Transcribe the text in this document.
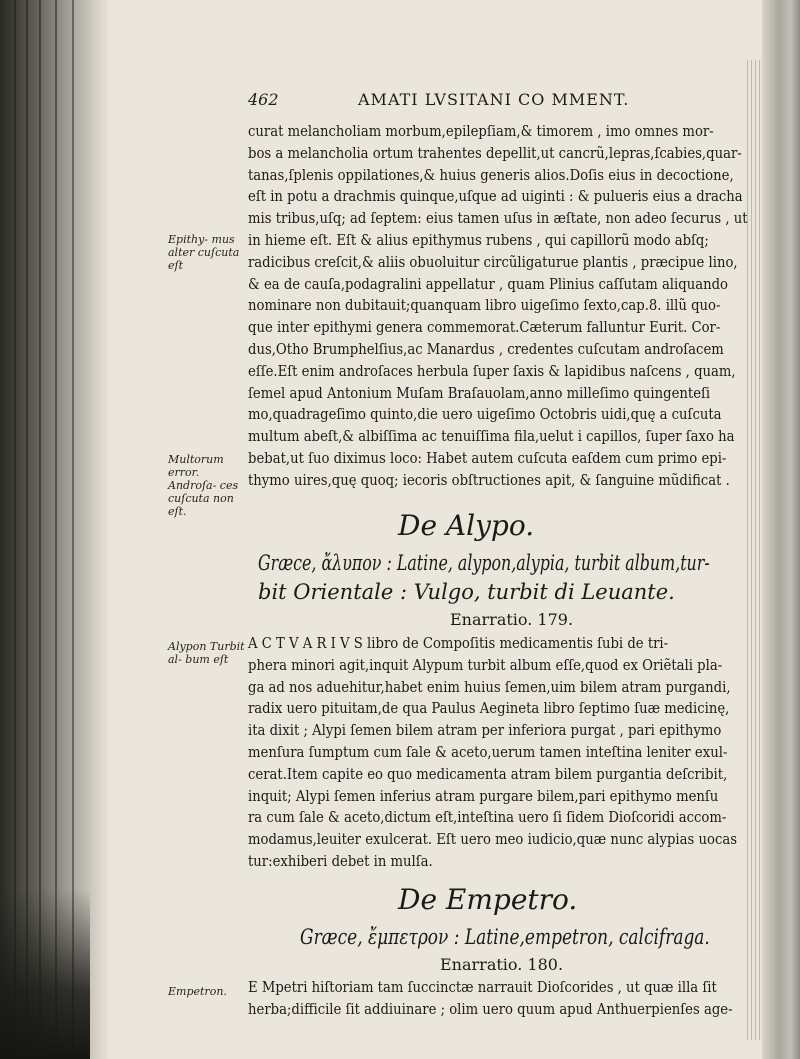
462	AMATI LVSITANI CO MMENT.
curat melancholiam morbum,epilepſiam,& timorem , imo omnes mor-
bos a melancholia ortum trahentes depellit,ut cancrũ,lepras,ſcabies,quar-
tanas,ſplenis oppilationes,& huius generis alios.Doſis eius in decoctione,
eſt in potu a drachmis quinque,uſque ad uiginti : & pulueris eius a dracha
mis tribus,uſq; ad ſeptem: eius tamen uſus in æſtate, non adeo ſecurus , ut
in hieme eſt. Eſt & alius epithymus rubens , qui capillorũ modo abſq;
radicibus creſcit,& aliis obuoluitur circũligaturue plantis , præcipue lino,
& ea de cauſa,podagralini appellatur , quam Plinius caſſutam aliquando
nominare non dubitauit;quanquam libro uigeſimo ſexto,cap.8. illũ quo-
que inter epithymi genera commemorat.Cæterum falluntur Eurit. Cor-
dus,Otho Brumphelſius,ac Manardus , credentes cuſcutam androſacem
eſſe.Eſt enim androſaces herbula ſuper ſaxis & lapidibus naſcens , quam,
ſemel apud Antonium Muſam Braſauolam,anno milleſimo quingenteſi
mo,quadrageſimo quinto,die uero uigeſimo Octobris uidi,quę a cuſcuta
multum abeſt,& albiſſima ac tenuiſſima fila,uelut i capillos, ſuper ſaxo ha
bebat,ut ſuo diximus loco: Habet autem cuſcuta eaſdem cum primo epi-
thymo uires,quę quoq; iecoris obſtructiones apit, & ſanguine mũdificat .
Epithy- mus alter cuſcuta eſt
Multorum error. Androſa- ces cuſcuta non eſt.	De Alypo.
Græce, ἄλυπον : Latine, alypon,alypia, turbit album,tur-
bit Orientale : Vulgo, turbit di Leuante.
Enarratio. 179.
A C T V A R I V S libro de Compoſitis medicamentis ſubi de tri-
phera minori agit,inquit Alypum turbit album eſſe,quod ex Oriẽtali pla-
ga ad nos aduehitur,habet enim huius ſemen,uim bilem atram purgandi,
radix uero pituitam,de qua Paulus Aegineta libro ſeptimo ſuæ medicinę,
ita dixit ; Alypi ſemen bilem atram per inferiora purgat , pari epithymo
menſura ſumptum cum ſale & aceto,uerum tamen inteſtina leniter exul-
cerat.Item capite eo quo medicamenta atram bilem purgantia deſcribit,
inquit; Alypi ſemen inferius atram purgare bilem,pari epithymo menſu
ra cum ſale & aceto,dictum eſt,inteſtina uero ſi ſidem Dioſcoridi accom-
modamus,leuiter exulcerat. Eſt uero meo iudicio,quæ nunc alypias uocas
tur:exhiberi debet in mulſa.
Alypon Turbit al- bum eſt
De Empetro.
Græce, ἔμπετρον : Latine,empetron, calcifraga.
Enarratio. 180.
E Mpetri hiſtoriam tam ſuccinctæ narrauit Dioſcorides , ut quæ illa ſit
herba;difficile ſit addiuinare ; olim uero quum apud Anthuerpienſes age-
Empetron.
